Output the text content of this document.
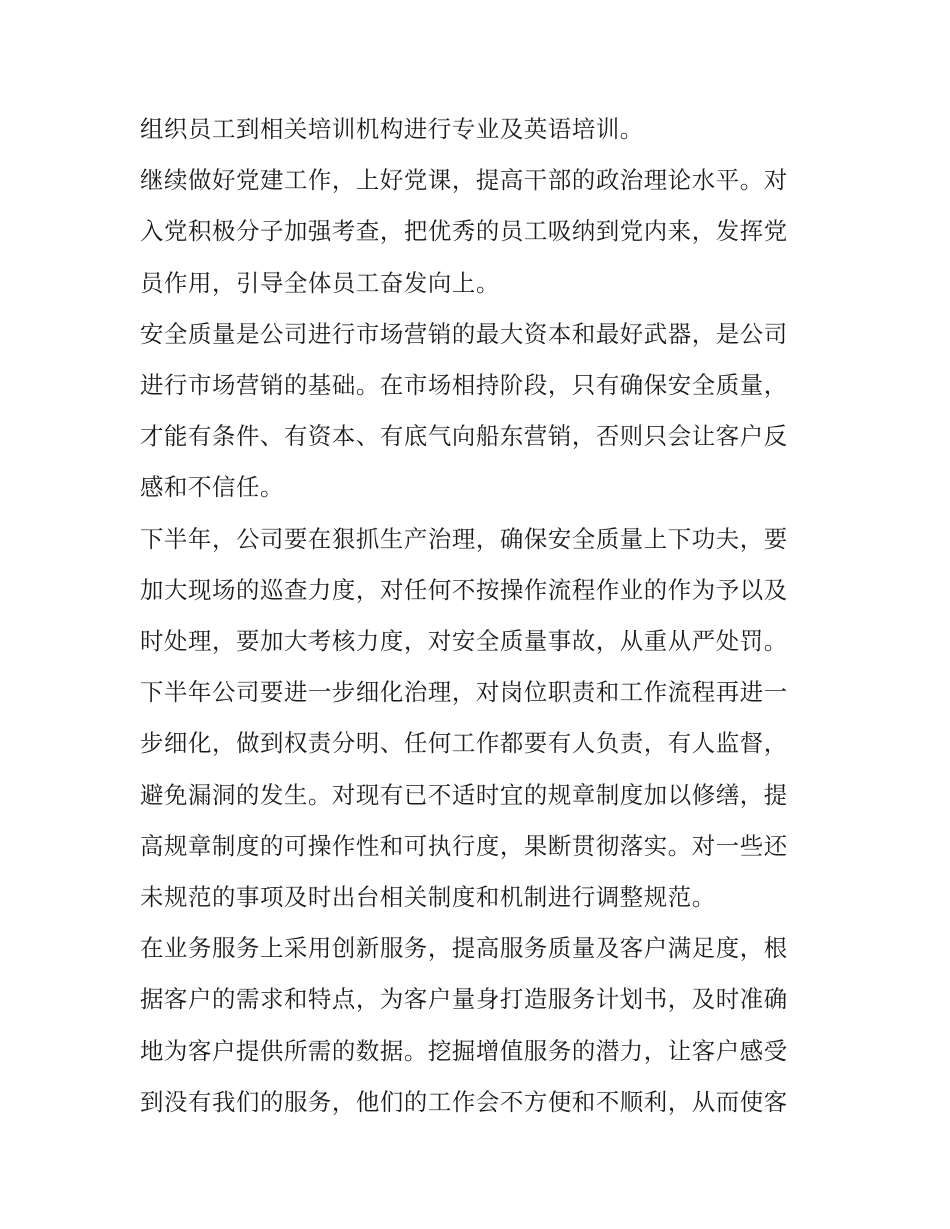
组织员工到相关培训机构进行专业及英语培训。

继续做好党建工作，上好党课，提高干部的政治理论水平。对

入党积极分子加强考查，把优秀的员工吸纳到党内来，发挥党

员作用，引导全体员工奋发向上。

安全质量是公司进行市场营销的最大资本和最好武器，是公司

进行市场营销的基础。在市场相持阶段，只有确保安全质量，

才能有条件、有资本、有底气向船东营销，否则只会让客户反

感和不信任。

下半年，公司要在狠抓生产治理，确保安全质量上下功夫，要

加大现场的巡查力度，对任何不按操作流程作业的作为予以及

时处理，要加大考核力度，对安全质量事故，从重从严处罚。

下半年公司要进一步细化治理，对岗位职责和工作流程再进一

步细化，做到权责分明、任何工作都要有人负责，有人监督，

避免漏洞的发生。对现有已不适时宜的规章制度加以修缮，提

高规章制度的可操作性和可执行度，果断贯彻落实。对一些还

未规范的事项及时出台相关制度和机制进行调整规范。

在业务服务上采用创新服务，提高服务质量及客户满足度，根

据客户的需求和特点，为客户量身打造服务计划书，及时准确

地为客户提供所需的数据。挖掘增值服务的潜力，让客户感受

到没有我们的服务，他们的工作会不方便和不顺利，从而使客
